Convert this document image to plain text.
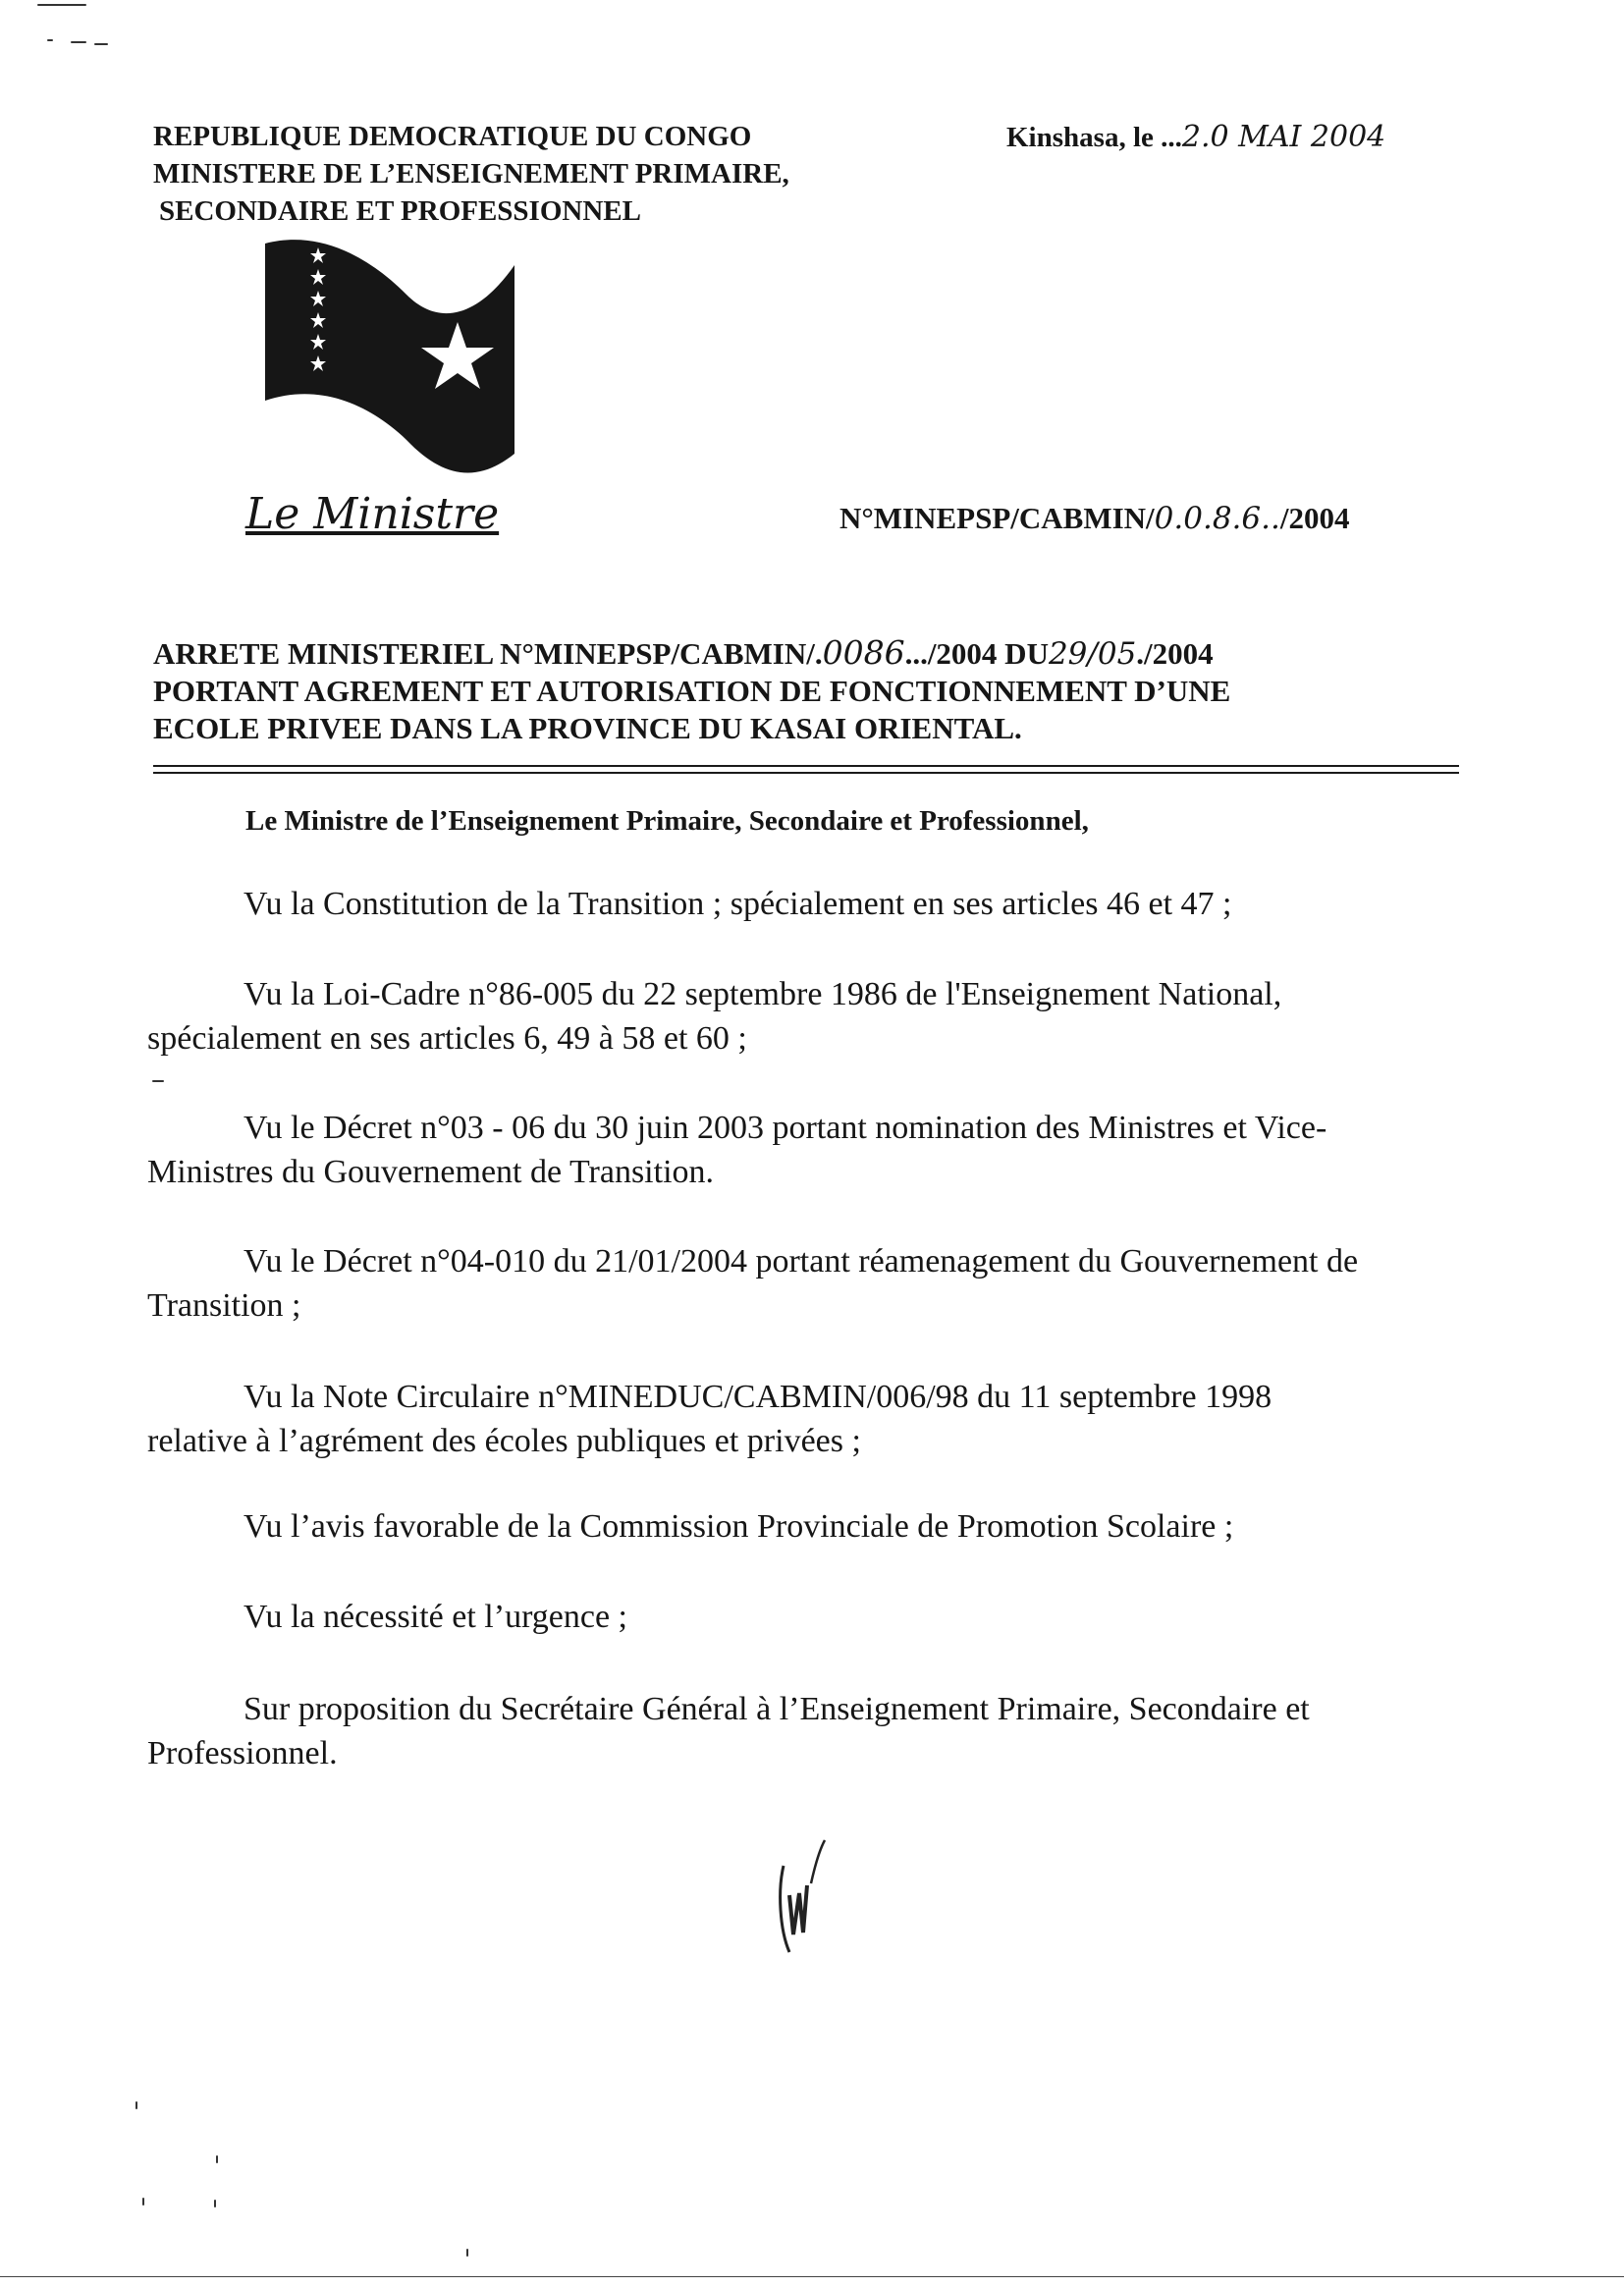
REPUBLIQUE DEMOCRATIQUE DU CONGO
MINISTERE DE L’ENSEIGNEMENT PRIMAIRE,
SECONDAIRE ET PROFESSIONNEL
Kinshasa, le ...2.0 MAI 2004
Le Ministre	N°MINEPSP/CABMIN/0.0.8.6../2004
ARRETE MINISTERIEL N°MINEPSP/CABMIN/.0086.../2004 DU29/05./2004
PORTANT AGREMENT ET AUTORISATION DE FONCTIONNEMENT D’UNE
ECOLE PRIVEE DANS LA PROVINCE DU KASAI ORIENTAL.
Le Ministre de l’Enseignement Primaire, Secondaire et Professionnel,
Vu la Constitution de la Transition ; spécialement en ses articles 46 et 47 ;
Vu la Loi-Cadre n°86-005 du 22 septembre 1986 de l'Enseignement National,
spécialement en ses articles 6, 49 à 58 et 60 ;
Vu le Décret n°03 - 06 du 30 juin 2003 portant nomination des Ministres et Vice-
Ministres du Gouvernement de Transition.
Vu le Décret n°04-010 du 21/01/2004 portant réamenagement du Gouvernement de
Transition ;
Vu la Note Circulaire n°MINEDUC/CABMIN/006/98 du 11 septembre 1998
relative à l’agrément des écoles publiques et privées ;
Vu l’avis favorable de la Commission Provinciale de Promotion Scolaire ;
Vu la nécessité et l’urgence ;
Sur proposition du Secrétaire Général à l’Enseignement Primaire, Secondaire et
Professionnel.
